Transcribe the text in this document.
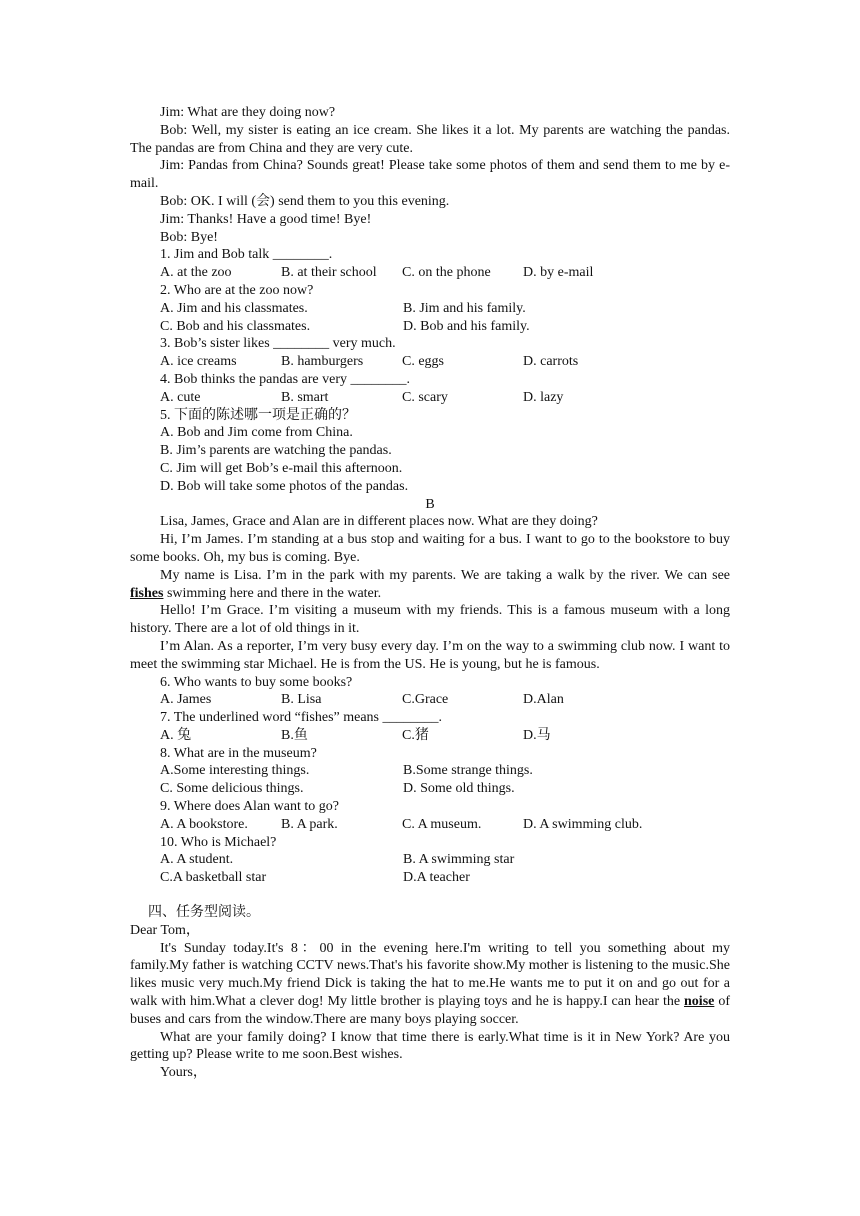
Jim: What are they doing now?

Bob: Well, my sister is eating an ice cream. She likes it a lot. My parents are watching the pandas. The pandas are from China and they are very cute.

Jim: Pandas from China? Sounds great! Please take some photos of them and send them to me by e-mail.

Bob: OK. I will (会) send them to you this evening.

Jim: Thanks! Have a good time! Bye!

Bob: Bye!

1. Jim and Bob talk ________.

A. at the zoo	B. at their school	C. on the phone	D. by e-mail

2. Who are at the zoo now?

A. Jim and his classmates.	B. Jim and his family.
C. Bob and his classmates.	D. Bob and his family.

3. Bob’s sister likes ________ very much.

A. ice creams	B. hamburgers	C. eggs	D. carrots

4. Bob thinks the pandas are very ________.

A. cute	B. smart	C. scary	D. lazy

5. 下面的陈述哪一项是正确的？

A. Bob and Jim come from China.

B. Jim’s parents are watching the pandas.

C. Jim will get Bob’s e-mail this afternoon.

D. Bob will take some photos of the pandas.

B

Lisa, James, Grace and Alan are in different places now. What are they doing?

Hi, I’m James. I’m standing at a bus stop and waiting for a bus. I want to go to the bookstore to buy some books. Oh, my bus is coming. Bye.

My name is Lisa. I’m in the park with my parents. We are taking a walk by the river. We can see fishes swimming here and there in the water.

Hello! I’m Grace. I’m visiting a museum with my friends. This is a famous museum with a long history. There are a lot of old things in it.

I’m Alan. As a reporter, I’m very busy every day. I’m on the way to a swimming club now. I want to meet the swimming star Michael. He is from the US. He is young, but he is famous.

6. Who wants to buy some books?

A. James	B. Lisa	C.Grace	D.Alan

7. The underlined word “fishes” means ________.

A. 兔	B.鱼	C.猪	D.马

8. What are in the museum?

A.Some interesting things.	B.Some strange things.
C. Some delicious things.	D. Some old things.

9. Where does Alan want to go?

A. A bookstore.	B. A park.	C. A museum.	D. A swimming club.

10. Who is Michael?

A. A student.	B. A swimming star
C.A basketball star	D.A teacher

四、任务型阅读。

Dear Tom，

It's Sunday today.It's 8：00 in the evening here.I'm writing to tell you something about my family.My father is watching CCTV news.That's his favorite show.My mother is listening to the music.She likes music very much.My friend Dick is taking the hat to me.He wants me to put it on and go out for a walk with him.What a clever dog! My little brother is playing toys and he is happy.I can hear the noise of buses and cars from the window.There are many boys playing soccer.

What are your family doing? I know that time there is early.What time is it in New York? Are you getting up? Please write to me soon.Best wishes.

Yours，
